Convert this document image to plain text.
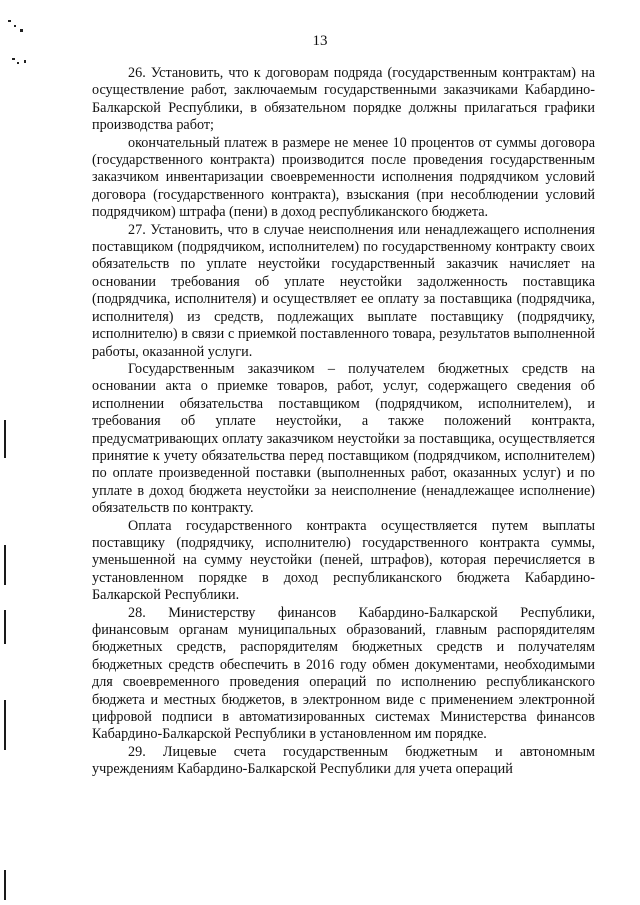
13

26. Установить, что к договорам подряда (государственным контрактам) на осуществление работ, заключаемым государственными заказчиками Кабардино-Балкарской Республики, в обязательном порядке должны прилагаться графики производства работ;

окончательный платеж в размере не менее 10 процентов от суммы договора (государственного контракта) производится после проведения государственным заказчиком инвентаризации своевременности исполнения подрядчиком условий договора (государственного контракта), взыскания (при несоблюдении условий подрядчиком) штрафа (пени) в доход республиканского бюджета.

27. Установить, что в случае неисполнения или ненадлежащего исполнения поставщиком (подрядчиком, исполнителем) по государственному контракту своих обязательств по уплате неустойки государственный заказчик начисляет на основании требования об уплате неустойки задолженность поставщика (подрядчика, исполнителя) и осуществляет ее оплату за поставщика (подрядчика, исполнителя) из средств, подлежащих выплате поставщику (подрядчику, исполнителю) в связи с приемкой поставленного товара, результатов выполненной работы, оказанной услуги.

Государственным заказчиком – получателем бюджетных средств на основании акта о приемке товаров, работ, услуг, содержащего сведения об исполнении обязательства поставщиком (подрядчиком, исполнителем), и требования об уплате неустойки, а также положений контракта, предусматривающих оплату заказчиком неустойки за поставщика, осуществляется принятие к учету обязательства перед поставщиком (подрядчиком, исполнителем) по оплате произведенной поставки (выполненных работ, оказанных услуг) и по уплате в доход бюджета неустойки за неисполнение (ненадлежащее исполнение) обязательств по контракту.

Оплата государственного контракта осуществляется путем выплаты поставщику (подрядчику, исполнителю) государственного контракта суммы, уменьшенной на сумму неустойки (пеней, штрафов), которая перечисляется в установленном порядке в доход республиканского бюджета Кабардино-Балкарской Республики.

28. Министерству финансов Кабардино-Балкарской Республики, финансовым органам муниципальных образований, главным распорядителям бюджетных средств, распорядителям бюджетных средств и получателям бюджетных средств обеспечить в 2016 году обмен документами, необходимыми для своевременного проведения операций по исполнению республиканского бюджета и местных бюджетов, в электронном виде с применением электронной цифровой подписи в автоматизированных системах Министерства финансов Кабардино-Балкарской Республики в установленном им порядке.

29. Лицевые счета государственным бюджетным и автономным учреждениям Кабардино-Балкарской Республики для учета операций
